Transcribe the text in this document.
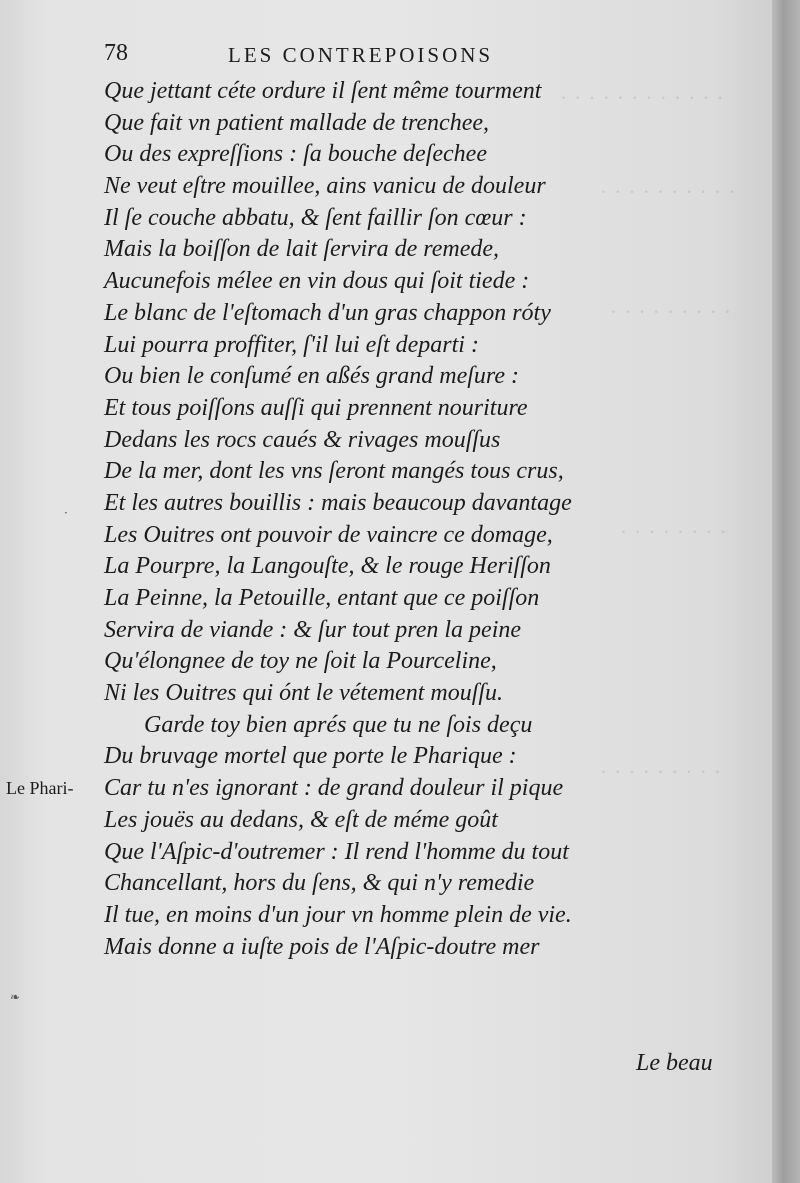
· · · · · · · · · · · ·
· · · · · · · · · ·
· · · · · · · · ·
· · · · · · · ·
· · · · · · · · ·
78	LES CONTREPOISONS
Que jettant céte ordure il ſent même tourment
Que fait vn patient mallade de trenchee,
Ou des expreſſions : ſa bouche deſechee
Ne veut eſtre mouillee, ains vanicu de douleur
Il ſe couche abbatu, & ſent faillir ſon cœur :
Mais la boiſſon de lait ſervira de remede,
Aucunefois mélee en vin dous qui ſoit tiede :
Le blanc de l'eſtomach d'un gras chappon róty
Lui pourra proffiter, ſ'il lui eſt departi :
Ou bien le conſumé en aßés grand meſure :
Et tous poiſſons auſſi qui prennent nouriture
Dedans les rocs caués & rivages mouſſus
De la mer, dont les vns ſeront mangés tous crus,
Et les autres bouillis : mais beaucoup davantage
Les Ouitres ont pouvoir de vaincre ce domage,
La Pourpre, la Langouſte, & le rouge Heriſſon
La Peinne, la Petouille, entant que ce poiſſon
Servira de viande : & ſur tout pren la peine
Qu'élongnee de toy ne ſoit la Pourceline,
Ni les Ouitres qui ónt le vétement mouſſu.
Garde toy bien aprés que tu ne ſois deçu
Du bruvage mortel que porte le Pharique :
Car tu n'es ignorant : de grand douleur il pique
Les jouës au dedans, & eſt de méme goût
Que l'Aſpic-d'outremer : Il rend l'homme du tout
Chancellant, hors du ſens, & qui n'y remedie
Il tue, en moins d'un jour vn homme plein de vie.
Mais donne a iuſte pois de l'Aſpic-doutre mer
Le Phari-
Le beau
❧
·
